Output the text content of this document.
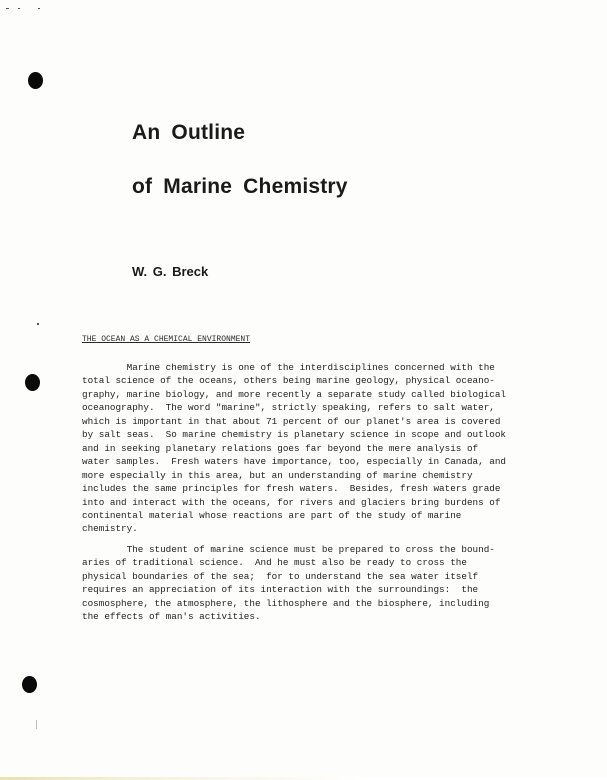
An Outline
of Marine Chemistry
W. G. Breck
THE OCEAN AS A CHEMICAL ENVIRONMENT
Marine chemistry is one of the interdisciplines concerned with the
total science of the oceans, others being marine geology, physical oceano-
graphy, marine biology, and more recently a separate study called biological
oceanography.  The word "marine", strictly speaking, refers to salt water,
which is important in that about 71 percent of our planet's area is covered
by salt seas.  So marine chemistry is planetary science in scope and outlook
and in seeking planetary relations goes far beyond the mere analysis of
water samples.  Fresh waters have importance, too, especially in Canada, and
more especially in this area, but an understanding of marine chemistry
includes the same principles for fresh waters.  Besides, fresh waters grade
into and interact with the oceans, for rivers and glaciers bring burdens of
continental material whose reactions are part of the study of marine
chemistry.
The student of marine science must be prepared to cross the bound-
aries of traditional science.  And he must also be ready to cross the
physical boundaries of the sea;  for to understand the sea water itself
requires an appreciation of its interaction with the surroundings:  the
cosmosphere, the atmosphere, the lithosphere and the biosphere, including
the effects of man's activities.
